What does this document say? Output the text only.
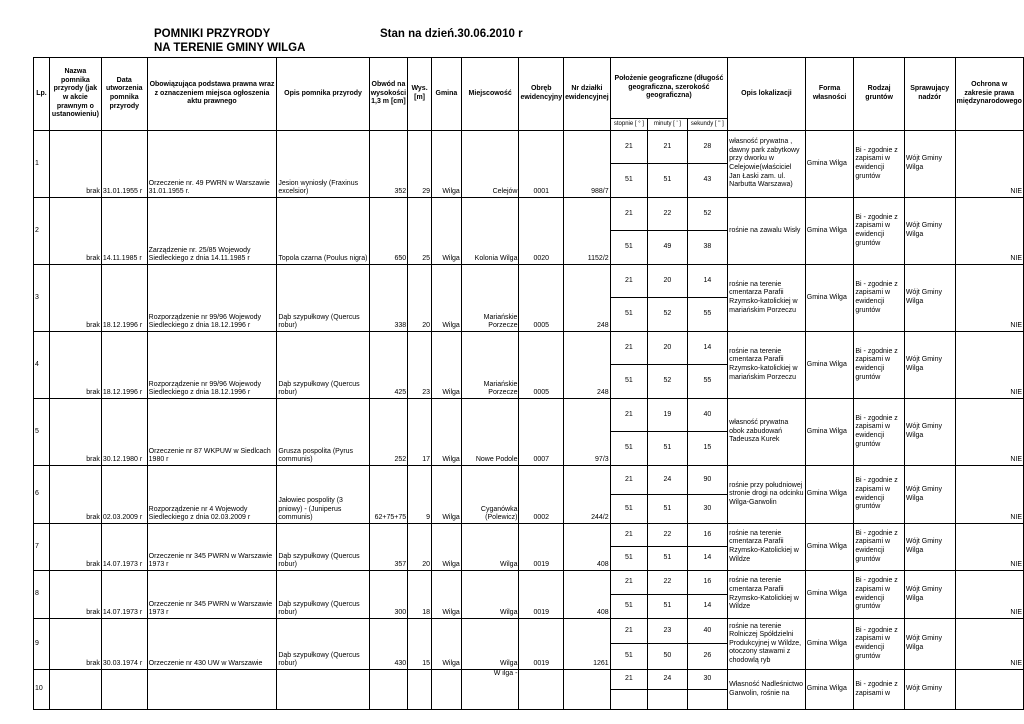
POMNIKI PRZYRODY
NA TERENIE GMINY WILGA
Stan na dzień.30.06.2010 r
Lp.	Nazwa pomnika przyrody (jak w akcie prawnym o ustanowieniu)	Data utworzenia pomnika przyrody	Obowiązująca podstawa prawna wraz z oznaczeniem miejsca ogłoszenia aktu prawnego	Opis pomnika przyrody	Obwód na wysokości 1,3 m [cm]	Wys. [m]	Gmina	Miejscowość	Obręb ewidencyjny	Nr działki ewidencyjnej	Położenie geograficzne (długość geograficzna, szerokość geograficzna)			Opis lokalizacji	Forma własności	Rodzaj gruntów	Sprawujący nadzór	Ochrona w zakresie prawa międzynarodowego
											stopnie [ ° ]	minuty [ ' ]	sekundy [ '' ]					
1	brak	31.01.1955 r	Orzeczenie nr. 49 PWRN w Warszawie 31.01.1955 r.	Jesion wyniosły (Fraxinus excelsior)	352	29	Wilga	Celejów	0001	988/7	21	21	28	własność prywatna , dawny park zabytkowy przy dworku w Celejowie(właściciel Jan Łaski zam. ul. Narbutta Warszawa)	Gmina Wilga	Bi - zgodnie z zapisami w ewidencji gruntów	Wójt Gminy Wilga	NIE
											51	51	43					
2	brak	14.11.1985 r	Zarządzenie nr. 25/85 Wojewody Siedleckiego z dnia 14.11.1985 r	Topola czarna (Poulus nigra)	650	25	Wilga	Kolonia Wilga	0020	1152/2	21	22	52	rośnie na zawalu Wisły	Gmina Wilga	Bi - zgodnie z zapisami w ewidencji gruntów	Wójt Gminy Wilga	NIE
											51	49	38					
3	brak	18.12.1996 r	Rozporządzenie nr 99/96 Wojewody Siedleckiego z dnia 18.12.1996 r	Dąb szypułkowy (Quercus robur)	338	20	Wilga	Mariańskie Porzecze	0005	248	21	20	14	rośnie na terenie cmentarza Parafii Rzymsko-katolickiej w mariańskim Porzeczu	Gmina Wilga	Bi - zgodnie z zapisami w ewidencji gruntów	Wójt Gminy Wilga	NIE
											51	52	55					
4	brak	18.12.1996 r	Rozporządzenie nr 99/96 Wojewody Siedleckiego z dnia 18.12.1996 r	Dąb szypułkowy (Quercus robur)	425	23	Wilga	Mariańskie Porzecze	0005	248	21	20	14	rośnie na terenie cmentarza Parafii Rzymsko-katolickiej w mariańskim Porzeczu	Gmina Wilga	Bi - zgodnie z zapisami w ewidencji gruntów	Wójt Gminy Wilga	NIE
											51	52	55					
5	brak	30.12.1980 r	Orzeczenie nr 87 WKPUW w Siedlcach 1980 r	Grusza pospolita (Pyrus communis)	252	17	Wilga	Nowe Podole	0007	97/3	21	19	40	własność prywatna obok zabudowań Tadeusza Kurek	Gmina Wilga	Bi - zgodnie z zapisami w ewidencji gruntów	Wójt Gminy Wilga	NIE
											51	51	15					
6	brak	02.03.2009 r	Rozporządzenie nr 4 Wojewody Siedleckiego z dnia 02.03.2009 r	Jałowiec pospolity (3 pniowy) - (Juniperus communis)	62+75+75	9	Wilga	Cyganówka (Polewicz)	0002	244/2	21	24	90	rośnie przy południowej stronie drogi na odcinku Wilga-Garwolin	Gmina Wilga	Bi - zgodnie z zapisami w ewidencji gruntów	Wójt Gminy Wilga	NIE
											51	51	30					
7	brak	14.07.1973 r	Orzeczenie nr 345 PWRN w Warszawie 1973 r	Dąb szypułkowy (Quercus robur)	357	20	Wilga	Wilga	0019	408	21	22	16	rośnie na terenie cmentarza Parafii Rzymsko-Katolickiej w Wildze	Gmina Wilga	Bi - zgodnie z zapisami w ewidencji gruntów	Wójt Gminy Wilga	NIE
											51	51	14					
8	brak	14.07.1973 r	Orzeczenie nr 345 PWRN w Warszawie 1973 r	Dąb szypułkowy (Quercus robur)	300	18	Wilga	Wilga	0019	408	21	22	16	rośnie na terenie cmentarza Parafii Rzymsko-Katolickiej w Wildze	Gmina Wilga	Bi - zgodnie z zapisami w ewidencji gruntów	Wójt Gminy Wilga	NIE
											51	51	14					
9	brak	30.03.1974 r	Orzeczenie nr 430 UW w Warszawie	Dąb szypułkowy (Quercus robur)	430	15	Wilga	Wilga	0019	1261	21	23	40	rośnie na terenie Rolniczej Spółdzielni Produkcyjnej w Wildze, otoczony stawami z chodowlą ryb	Gmina Wilga	Bi - zgodnie z zapisami w ewidencji gruntów	Wójt Gminy Wilga	NIE
											51	50	26					
10								W ilga -			21	24	30	Własność Nadleśnictwo Garwolin, rośnie na	Gmina Wilga	Bi - zgodnie z zapisami w	Wójt Gminy	
